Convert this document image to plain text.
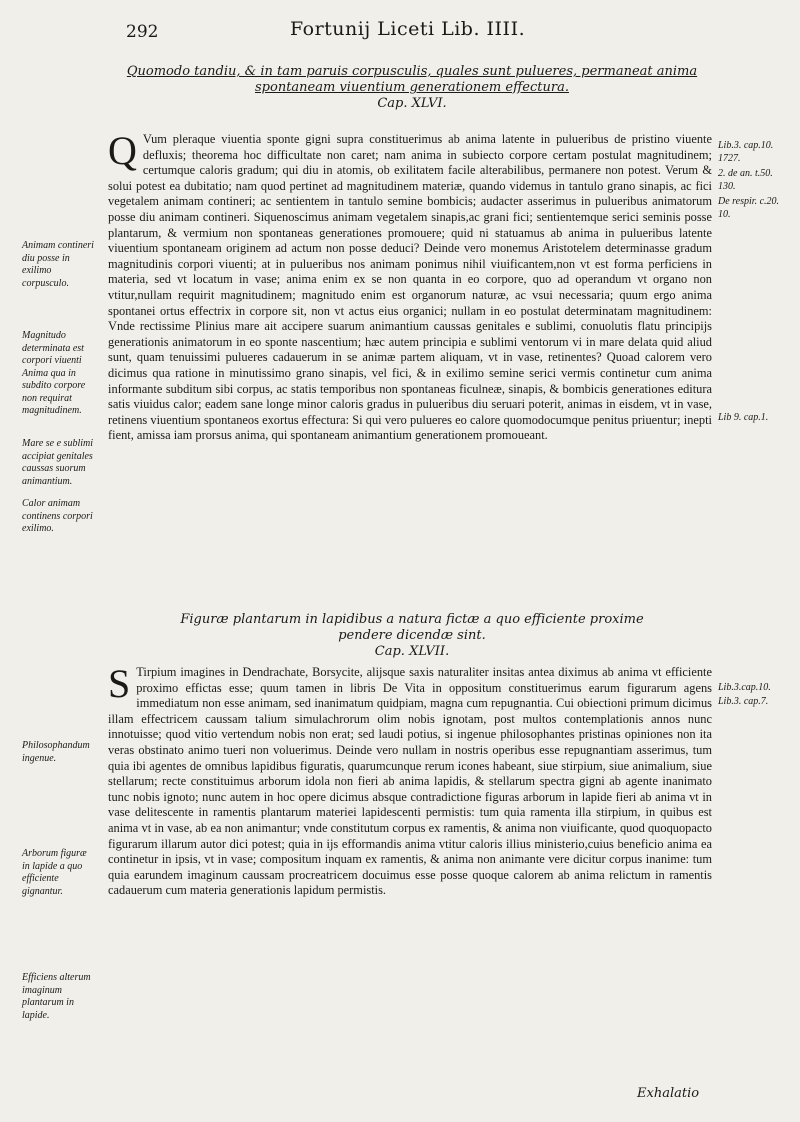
292	Fortunij Liceti Lib. IIII.
Quomodo tandiu, & in tam paruis corpusculis, quales sunt pulueres, permaneat anima
spontaneam viuentium generationem effectura.
Cap. XLVI.

Q Vum pleraque viuentia sponte gigni supra constituerimus ab anima latente in pulueribus de pristino viuente defluxis; theorema hoc difficultate non caret; nam anima in subiecto corpore certam postulat magnitudinem; certumque caloris gradum; qui diu in atomis, ob exilitatem facile alterabilibus, permanere non potest. Verum & solui potest ea dubitatio; nam quod pertinet ad magnitudinem materiæ, quando videmus in tantulo grano sinapis, ac fici vegetalem animam contineri; ac sentientem in tantulo semine bombicis; audacter asserimus in pulueribus animatorum posse diu animam contineri. Siquenoscimus animam vegetalem sinapis,ac grani fici; sentientemque serici seminis posse plantarum, & vermium non spontaneas generationes promouere; quid ni statuamus ab anima in pulueribus latente viuentium spontaneam originem ad actum non posse deduci? Deinde vero monemus Aristotelem determinasse gradum magnitudinis corpori viuenti; at in pulueribus nos animam ponimus nihil viuificantem,non vt est forma perficiens in materia, sed vt locatum in vase; anima enim ex se non quanta in eo corpore, quo ad operandum vt organo non vtitur,nullam requirit magnitudinem; magnitudo enim est organorum naturæ, ac vsui necessaria; quum ergo anima spontanei ortus effectrix in corpore sit, non vt actus eius organici; nullam in eo postulat determinatam magnitudinem: Vnde rectissime Plinius mare ait accipere suarum animantium caussas genitales e sublimi, conuolutis flatu principijs generationis animatorum in eo sponte nascentium; hæc autem principia e sublimi ventorum vi in mare delata quid aliud sunt, quam tenuissimi pulueres cadauerum in se animæ partem aliquam, vt in vase, retinentes? Quoad calorem vero dicimus qua ratione in minutissimo grano sinapis, vel fici, & in exilimo semine serici vermis continetur cum anima informante subditum sibi corpus, ac statis temporibus non spontaneas ficulneæ, sinapis, & bombicis generationes editura satis viuidus calor; eadem sane longe minor caloris gradus in pulueribus diu seruari poterit, animas in eisdem, vt in vase, retinens viuentium spontaneos exortus effectura: Si qui vero pulueres eo calore quomodocumque penitus priuentur; inepti fient, amissa iam prorsus anima, qui spontaneam animantium generationem promoueant.

Figuræ plantarum in lapidibus a natura fictæ a quo efficiente proxime
pendere dicendæ sint.
Cap. XLVII.

S Tirpium imagines in Dendrachate, Borsycite, alijsque saxis naturaliter insitas antea diximus ab anima vt efficiente proximo effictas esse; quum tamen in libris De Vita in oppositum constituerimus earum figurarum agens immediatum non esse animam, sed inanimatum quidpiam, magna cum repugnantia. Cui obiectioni primum dicimus illam effectricem caussam talium simulachrorum olim nobis ignotam, post multos contemplationis annos nunc innotuisse; quod vitio vertendum nobis non erat; sed laudi potius, si ingenue philosophantes pristinas opiniones non ita veras obstinato animo tueri non voluerimus. Deinde vero nullam in nostris operibus esse repugnantiam asserimus, tum quia ibi agentes de omnibus lapidibus figuratis, quarumcunque rerum icones habeant, siue stirpium, siue animalium, siue stellarum; recte constituimus arborum idola non fieri ab anima lapidis, & stellarum spectra gigni ab agente inanimato tunc nobis ignoto; nunc autem in hoc opere dicimus absque contradictione figuras arborum in lapide fieri ab anima vt in vase delitescente in ramentis plantarum materiei lapidescenti permistis: tum quia ramenta illa stirpium, in quibus est anima vt in vase, ab ea non animantur; vnde constitutum corpus ex ramentis, & anima non viuificante, quod quoquopacto figurarum illarum autor dici potest; quia in ijs efformandis anima vtitur caloris illius ministerio,cuius beneficio anima ea continetur in ipsis, vt in vase; compositum inquam ex ramentis, & anima non animante vere dicitur corpus inanime: tum quia earundem imaginum caussam procreatricem docuimus esse posse quoque calorem ab anima relictum in ramentis cadauerum cum materia generationis lapidum permistis.

Animam contineri diu posse in exilimo corpusculo.
Magnitudo determinata est corpori viuenti Anima qua in subdito corpore non requirat magnitudinem.
Mare se e sublimi accipiat genitales caussas suorum animantium.
Calor animam continens corpori exilimo.
Philosophandum ingenue.
Arborum figuræ in lapide a quo efficiente gignantur.
Efficiens alterum imaginum plantarum in lapide.
Lib.3. cap.10. 1727.
2. de an. t.50. 130.
De respir. c.20. 10.
Lib 9. cap.1.
Lib.3.cap.10.
Lib.3. cap.7.
Exhalatio
